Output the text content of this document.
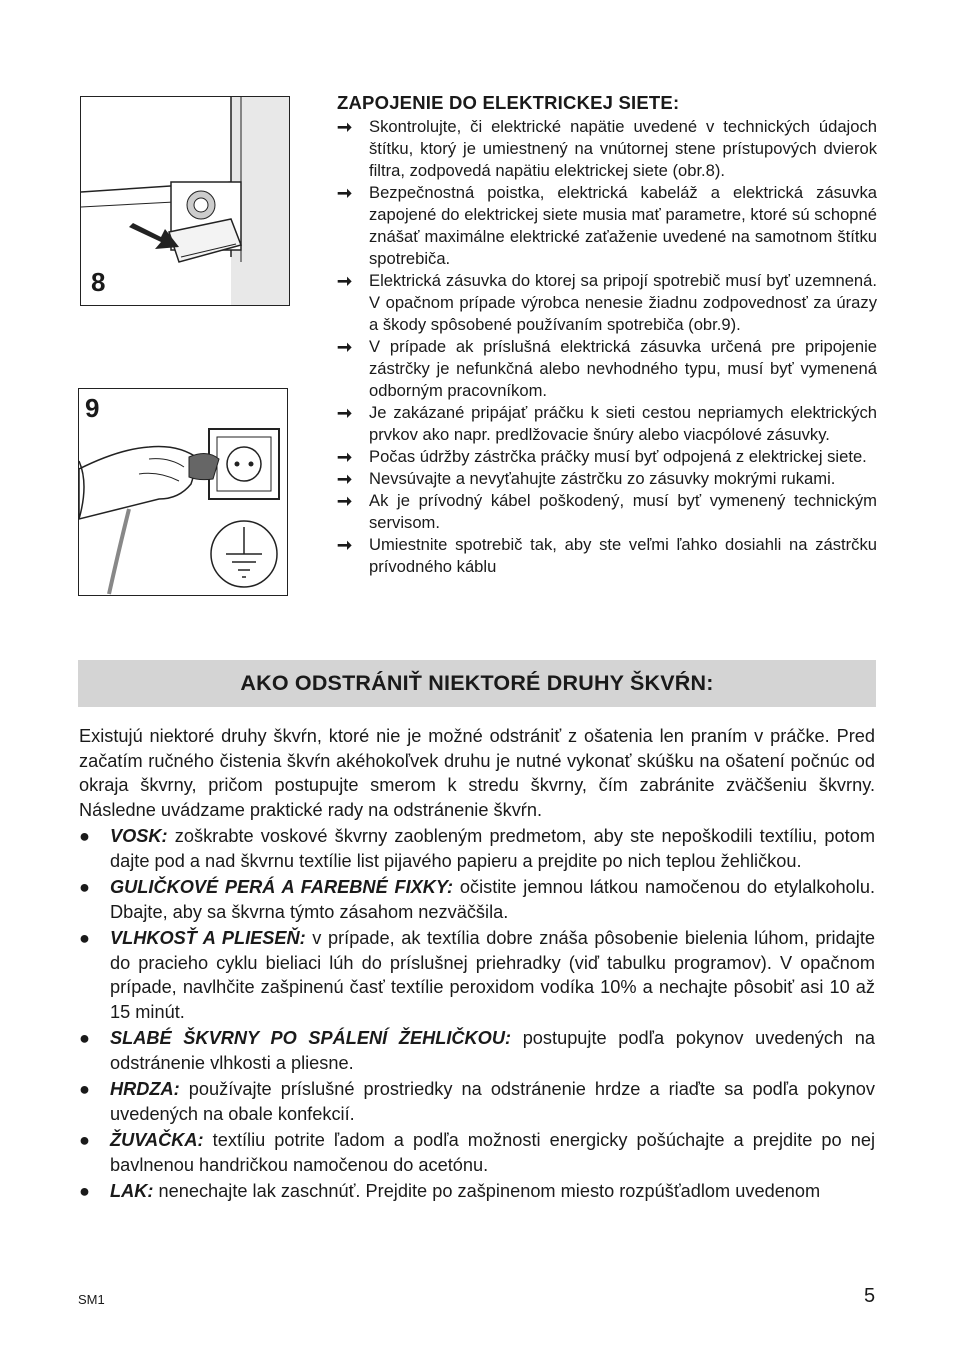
8
9
ZAPOJENIE DO ELEKTRICKEJ SIETE:
➞ Skontrolujte, či elektrické napätie uvedené v technických údajoch štítku, ktorý je umiestnený na vnútornej stene prístupových dvierok filtra, zodpovedá napätiu elektrickej siete (obr.8).
➞ Bezpečnostná poistka, elektrická kabeláž a elektrická zásuvka zapojené do elektrickej siete musia mať parametre, ktoré sú schopné znášať maximálne elektrické zaťaženie uvedené na samotnom štítku spotrebiča.
➞ Elektrická zásuvka do ktorej sa pripojí spotrebič musí byť uzemnená. V opačnom prípade výrobca nenesie žiadnu zodpovednosť za úrazy a škody spôsobené používaním spotrebiča (obr.9).
➞ V prípade ak príslušná elektrická zásuvka určená pre pripojenie zástrčky je nefunkčná alebo nevhodného typu, musí byť vymenená odborným pracovníkom.
➞ Je zakázané pripájať práčku k sieti cestou nepriamych elektrických prvkov ako napr. predlžovacie šnúry alebo viacpólové zásuvky.
➞ Počas údržby zástrčka práčky musí byť odpojená z elektrickej siete.
➞ Nevsúvajte a nevyťahujte zástrčku zo zásuvky mokrými rukami.
➞ Ak je prívodný kábel poškodený, musí byť vymenený technickým servisom.
➞ Umiestnite spotrebič tak, aby ste veľmi ľahko dosiahli na zástrčku prívodného káblu
AKO ODSTRÁNIŤ NIEKTORÉ DRUHY ŠKVŔN:

Existujú niektoré druhy škvŕn, ktoré nie je možné odstrániť z ošatenia len praním v práčke. Pred začatím ručného čistenia škvŕn akéhokoľvek druhu je nutné vykonať skúšku na ošatení počnúc od okraja škvrny, pričom postupujte smerom k stredu škvrny, čím zabránite zväčšeniu škvrny. Následne uvádzame praktické rady na odstránenie škvŕn.

● VOSK: zoškrabte voskové škvrny zaobleným predmetom, aby ste nepoškodili textíliu, potom dajte pod a nad škvrnu textílie list pijavého papieru a prejdite po nich teplou žehličkou.
● GULIČKOVÉ PERÁ A FAREBNÉ FIXKY: očistite jemnou látkou namočenou do etylalkoholu. Dbajte, aby sa škvrna týmto zásahom nezväčšila.
● VLHKOSŤ A PLIESEŇ: v prípade, ak textília dobre znáša pôsobenie bielenia lúhom, pridajte do pracieho cyklu bieliaci lúh do príslušnej priehradky (viď tabulku programov). V opačnom prípade, navlhčite zašpinenú časť textílie peroxidom vodíka 10% a nechajte pôsobiť asi 10 až 15 minút.
● SLABÉ ŠKVRNY PO SPÁLENÍ ŽEHLIČKOU: postupujte podľa pokynov uvedených na odstránenie vlhkosti a pliesne.
● HRDZA: používajte príslušné prostriedky na odstránenie hrdze a riaďte sa podľa pokynov uvedených na obale konfekcií.
● ŽUVAČKA: textíliu potrite ľadom a podľa možnosti energicky pošúchajte a prejdite po nej bavlnenou handričkou namočenou do acetónu.
● LAK: nenechajte lak zaschnúť. Prejdite po zašpinenom miesto rozpúšťadlom uvedenom
SM1	5
